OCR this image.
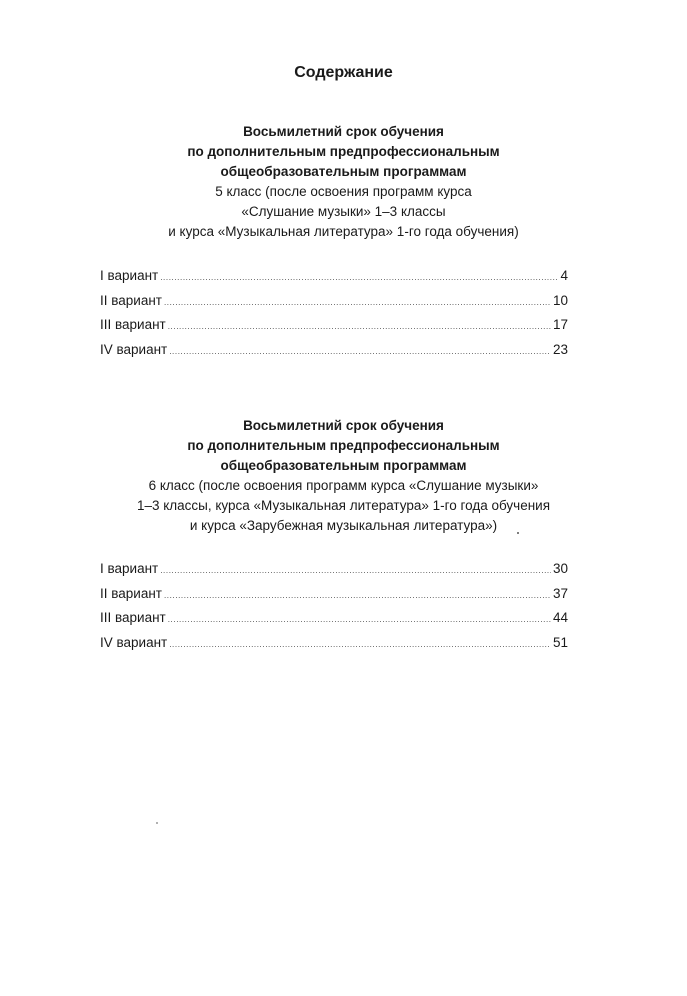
Содержание
Восьмилетний срок обучения
по дополнительным предпрофессиональным
общеобразовательным программам
5 класс (после освоения программ курса
«Слушание музыки» 1–3 классы
и курса «Музыкальная литература» 1-го года обучения)
I вариант .....	4
II вариант .....	10
III вариант .....	17
IV вариант .....	23
Восьмилетний срок обучения
по дополнительным предпрофессиональным
общеобразовательным программам
6 класс (после освоения программ курса «Слушание музыки»
1–3 классы, курса «Музыкальная литература» 1-го года обучения
и курса «Зарубежная музыкальная литература»)
I вариант .....	30
II вариант .....	37
III вариант .....	44
IV вариант .....	51
